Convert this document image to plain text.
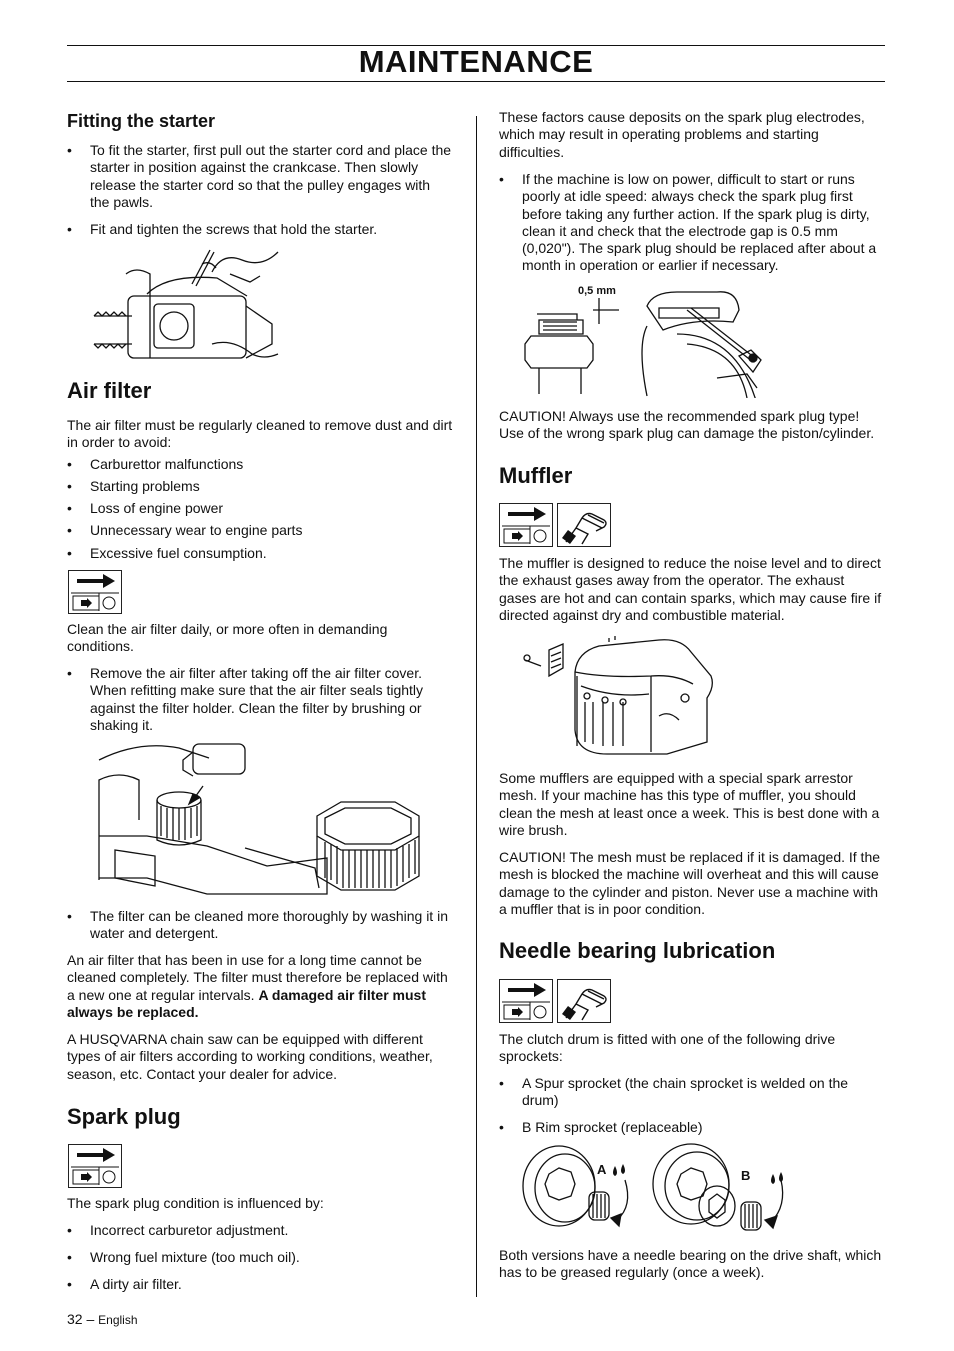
MAINTENANCE
Fitting the starter
• To fit the starter, first pull out the starter cord and place the starter in position against the crankcase. Then slowly release the starter cord so that the pulley engages with the pawls.
• Fit and tighten the screws that hold the starter.
Air filter

The air filter must be regularly cleaned to remove dust and dirt in order to avoid:

• Carburettor malfunctions
• Starting problems
• Loss of engine power
• Unnecessary wear to engine parts
• Excessive fuel consumption.

Clean the air filter daily, or more often in demanding conditions.

• Remove the air filter after taking off the air filter cover. When refitting make sure that the air filter seals tightly against the filter holder. Clean the filter by brushing or shaking it.
• The filter can be cleaned more thoroughly by washing it in water and detergent.

An air filter that has been in use for a long time cannot be cleaned completely. The filter must therefore be replaced with a new one at regular intervals. A damaged air filter must always be replaced.

A HUSQVARNA chain saw can be equipped with different types of air filters according to working conditions, weather, season, etc. Contact your dealer for advice.

Spark plug

The spark plug condition is influenced by:

• Incorrect carburetor adjustment.
• Wrong fuel mixture (too much oil).
• A dirty air filter.

These factors cause deposits on the spark plug electrodes, which may result in operating problems and starting difficulties.

• If the machine is low on power, difficult to start or runs poorly at idle speed: always check the spark plug first before taking any further action. If the spark plug is dirty, clean it and check that the electrode gap is 0.5 mm (0,020"). The spark plug should be replaced after about a month in operation or earlier if necessary.
0,5 mm

CAUTION! Always use the recommended spark plug type! Use of the wrong spark plug can damage the piston/cylinder.

Muffler

The muffler is designed to reduce the noise level and to direct the exhaust gases away from the operator. The exhaust gases are hot and can contain sparks, which may cause fire if directed against dry and combustible material.

Some mufflers are equipped with a special spark arrestor mesh. If your machine has this type of muffler, you should clean the mesh at least once a week. This is best done with a wire brush.

CAUTION! The mesh must be replaced if it is damaged. If the mesh is blocked the machine will overheat and this will cause damage to the cylinder and piston. Never use a machine with a muffler that is in poor condition.

Needle bearing lubrication

The clutch drum is fitted with one of the following drive sprockets:

• A Spur sprocket (the chain sprocket is welded on the drum)
• B Rim sprocket (replaceable)
A	B

Both versions have a needle bearing on the drive shaft, which has to be greased regularly (once a week).

32 – English
